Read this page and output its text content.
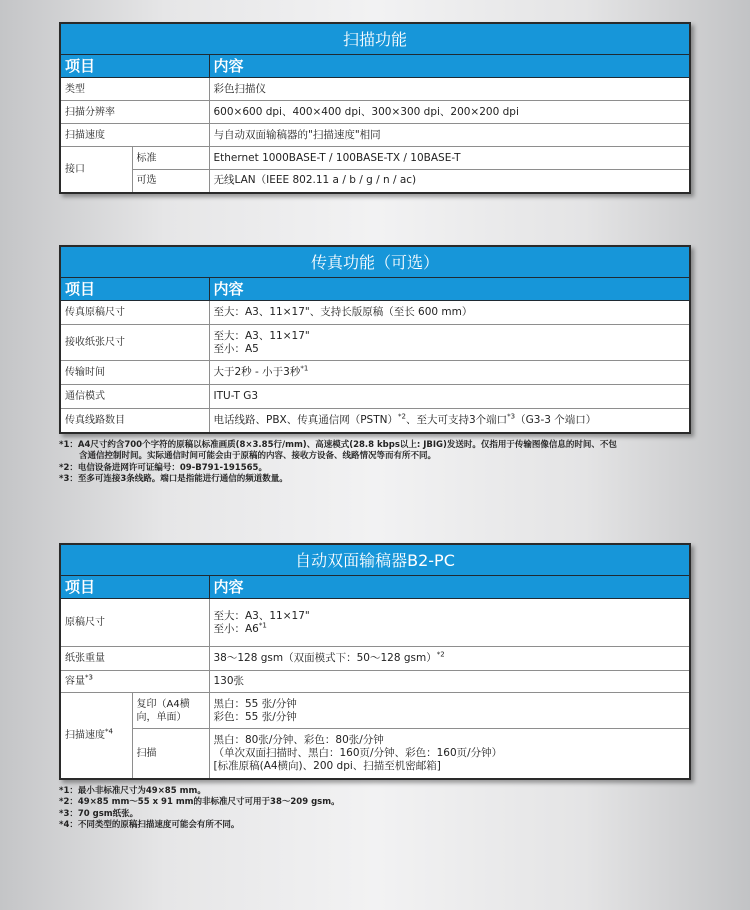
扫描功能		
项目		内容
类型		彩色扫描仪
扫描分辨率		600×600 dpi、400×400 dpi、300×300 dpi、200×200 dpi
扫描速度		与自动双面输稿器的"扫描速度"相同
接口	标准	Ethernet 1000BASE-T / 100BASE-TX / 10BASE-T
	可选	无线LAN（IEEE 802.11 a / b / g / n / ac)
传真功能（可选）	
项目	内容
传真原稿尺寸	至大：A3、11×17"、支持长版原稿（至长 600 mm）
接收纸张尺寸	至大：A3、11×17"
至小：A5

传输时间	大于2秒 - 小于3秒$^{*1}$
通信模式	ITU-T G3
传真线路数目	电话线路、PBX、传真通信网（PSTN）$^{*2}$、至大可支持3个端口$^{*3}$（G3-3 个端口）
*1：A4尺寸约含700个字符的原稿以标准画质(8×3.85行/mm)、高速模式(28.8 kbps以上: JBIG)发送时。仅指用于传输图像信息的时间、不包
含通信控制时间。实际通信时间可能会由于原稿的内容、接收方设备、线路情况等而有所不同。
*2：电信设备进网许可证编号：09-B791-191565。
*3：至多可连接3条线路。端口是指能进行通信的频道数量。
自动双面输稿器B2-PC		
项目		内容
原稿尺寸		至大：A3、11×17"
至小：A6$^{*1}$

纸张重量		38～128 gsm（双面模式下：50～128 gsm）$^{*2}$
容量$^{*3}$		130张
扫描速度$^{*4}$	复印（A4横向，单面）	黑白：55 张/分钟
彩色：55 张/分钟

	扫描	黑白：80张/分钟、彩色：80张/分钟
（单次双面扫描时、黑白：160页/分钟、彩色：160页/分钟）
[标准原稿(A4横向)、200 dpi、扫描至机密邮箱]
*1：最小非标准尺寸为49×85 mm。
*2：49×85 mm～55 x 91 mm的非标准尺寸可用于38～209 gsm。
*3：70 gsm纸张。
*4：不同类型的原稿扫描速度可能会有所不同。
